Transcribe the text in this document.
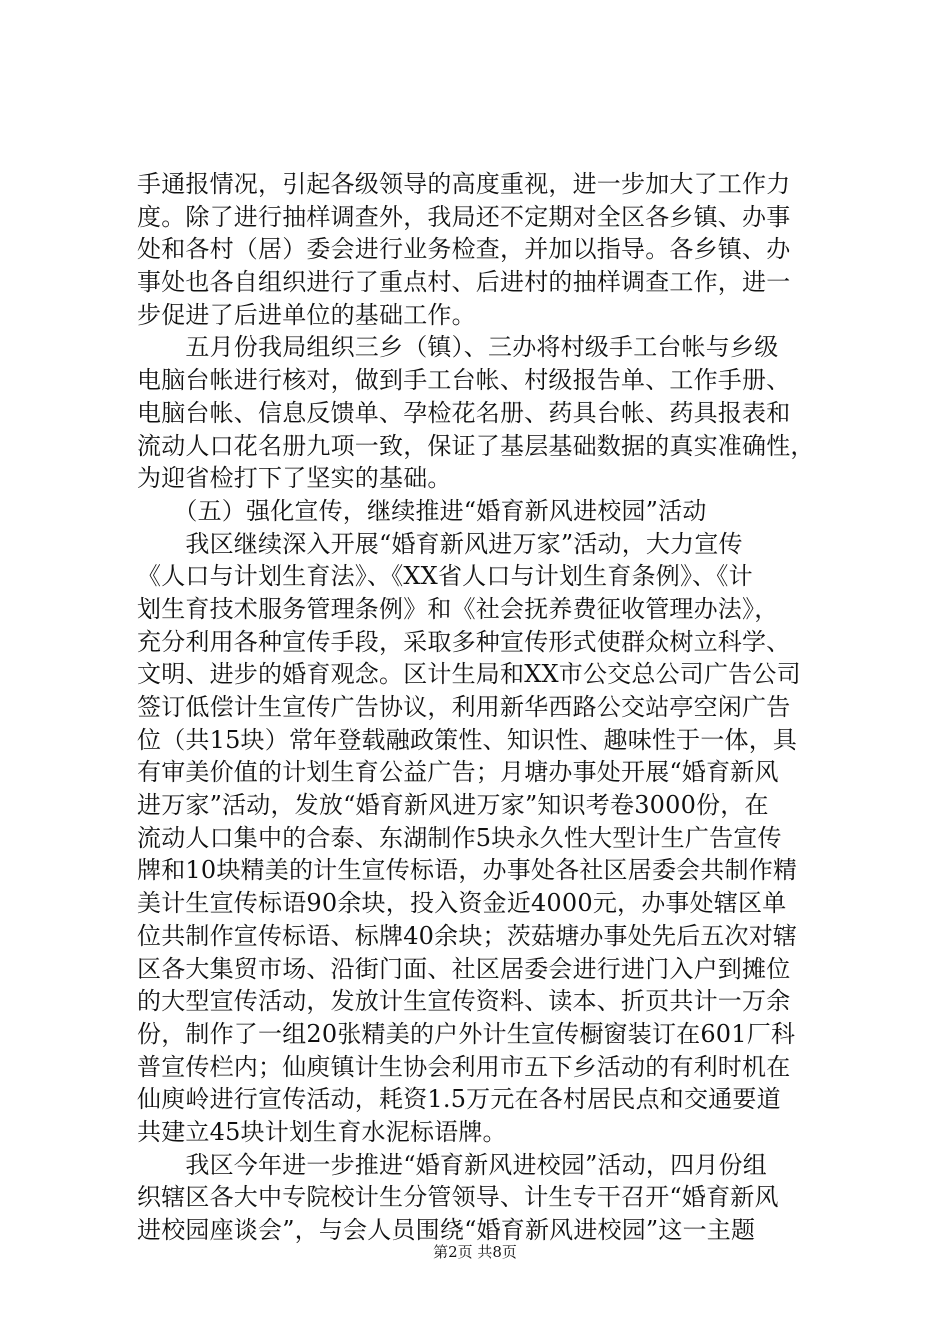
手通报情况，引起各级领导的高度重视，进一步加大了工作力
度。除了进行抽样调查外，我局还不定期对全区各乡镇、办事
处和各村（居）委会进行业务检查，并加以指导。各乡镇、办
事处也各自组织进行了重点村、后进村的抽样调查工作，进一
步促进了后进单位的基础工作。
　　五月份我局组织三乡（镇）、三办将村级手工台帐与乡级
电脑台帐进行核对，做到手工台帐、村级报告单、工作手册、
电脑台帐、信息反馈单、孕检花名册、药具台帐、药具报表和
流动人口花名册九项一致，保证了基层基础数据的真实准确性，
为迎省检打下了坚实的基础。
　　（五）强化宣传，继续推进“婚育新风进校园”活动
　　我区继续深入开展“婚育新风进万家”活动，大力宣传
《人口与计划生育法》、《XX省人口与计划生育条例》、《计
划生育技术服务管理条例》和《社会抚养费征收管理办法》，
充分利用各种宣传手段，采取多种宣传形式使群众树立科学、
文明、进步的婚育观念。区计生局和XX市公交总公司广告公司
签订低偿计生宣传广告协议，利用新华西路公交站亭空闲广告
位（共15块）常年登载融政策性、知识性、趣味性于一体，具
有审美价值的计划生育公益广告；月塘办事处开展“婚育新风
进万家”活动，发放“婚育新风进万家”知识考卷3000份，在
流动人口集中的合泰、东湖制作5块永久性大型计生广告宣传
牌和10块精美的计生宣传标语，办事处各社区居委会共制作精
美计生宣传标语90余块，投入资金近4000元，办事处辖区单
位共制作宣传标语、标牌40余块；茨菇塘办事处先后五次对辖
区各大集贸市场、沿街门面、社区居委会进行进门入户到摊位
的大型宣传活动，发放计生宣传资料、读本、折页共计一万余
份，制作了一组20张精美的户外计生宣传橱窗装订在601厂科
普宣传栏内；仙庾镇计生协会利用市五下乡活动的有利时机在
仙庾岭进行宣传活动，耗资1.5万元在各村居民点和交通要道
共建立45块计划生育水泥标语牌。
　　我区今年进一步推进“婚育新风进校园”活动，四月份组
织辖区各大中专院校计生分管领导、计生专干召开“婚育新风
进校园座谈会”，与会人员围绕“婚育新风进校园”这一主题
第2页 共8页
